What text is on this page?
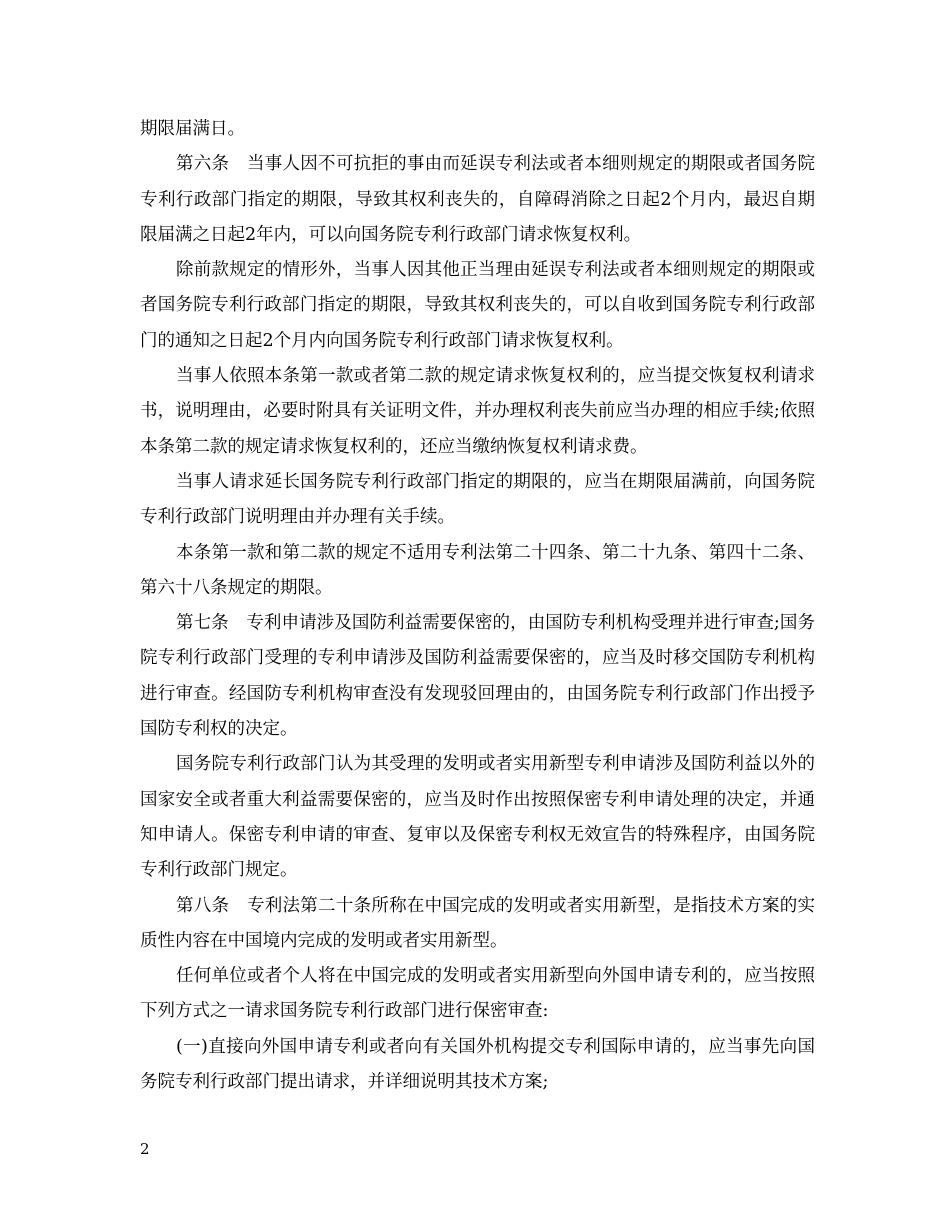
期限届满日。

第六条　当事人因不可抗拒的事由而延误专利法或者本细则规定的期限或者国务院专利行政部门指定的期限，导致其权利丧失的，自障碍消除之日起2个月内，最迟自期限届满之日起2年内，可以向国务院专利行政部门请求恢复权利。

除前款规定的情形外，当事人因其他正当理由延误专利法或者本细则规定的期限或者国务院专利行政部门指定的期限，导致其权利丧失的，可以自收到国务院专利行政部门的通知之日起2个月内向国务院专利行政部门请求恢复权利。

当事人依照本条第一款或者第二款的规定请求恢复权利的，应当提交恢复权利请求书，说明理由，必要时附具有关证明文件，并办理权利丧失前应当办理的相应手续;依照本条第二款的规定请求恢复权利的，还应当缴纳恢复权利请求费。

当事人请求延长国务院专利行政部门指定的期限的，应当在期限届满前，向国务院专利行政部门说明理由并办理有关手续。

本条第一款和第二款的规定不适用专利法第二十四条、第二十九条、第四十二条、第六十八条规定的期限。

第七条　专利申请涉及国防利益需要保密的，由国防专利机构受理并进行审查;国务院专利行政部门受理的专利申请涉及国防利益需要保密的，应当及时移交国防专利机构进行审查。经国防专利机构审查没有发现驳回理由的，由国务院专利行政部门作出授予国防专利权的决定。

国务院专利行政部门认为其受理的发明或者实用新型专利申请涉及国防利益以外的国家安全或者重大利益需要保密的，应当及时作出按照保密专利申请处理的决定，并通知申请人。保密专利申请的审查、复审以及保密专利权无效宣告的特殊程序，由国务院专利行政部门规定。

第八条　专利法第二十条所称在中国完成的发明或者实用新型，是指技术方案的实质性内容在中国境内完成的发明或者实用新型。

任何单位或者个人将在中国完成的发明或者实用新型向外国申请专利的，应当按照下列方式之一请求国务院专利行政部门进行保密审查:

(一)直接向外国申请专利或者向有关国外机构提交专利国际申请的，应当事先向国务院专利行政部门提出请求，并详细说明其技术方案;

2
